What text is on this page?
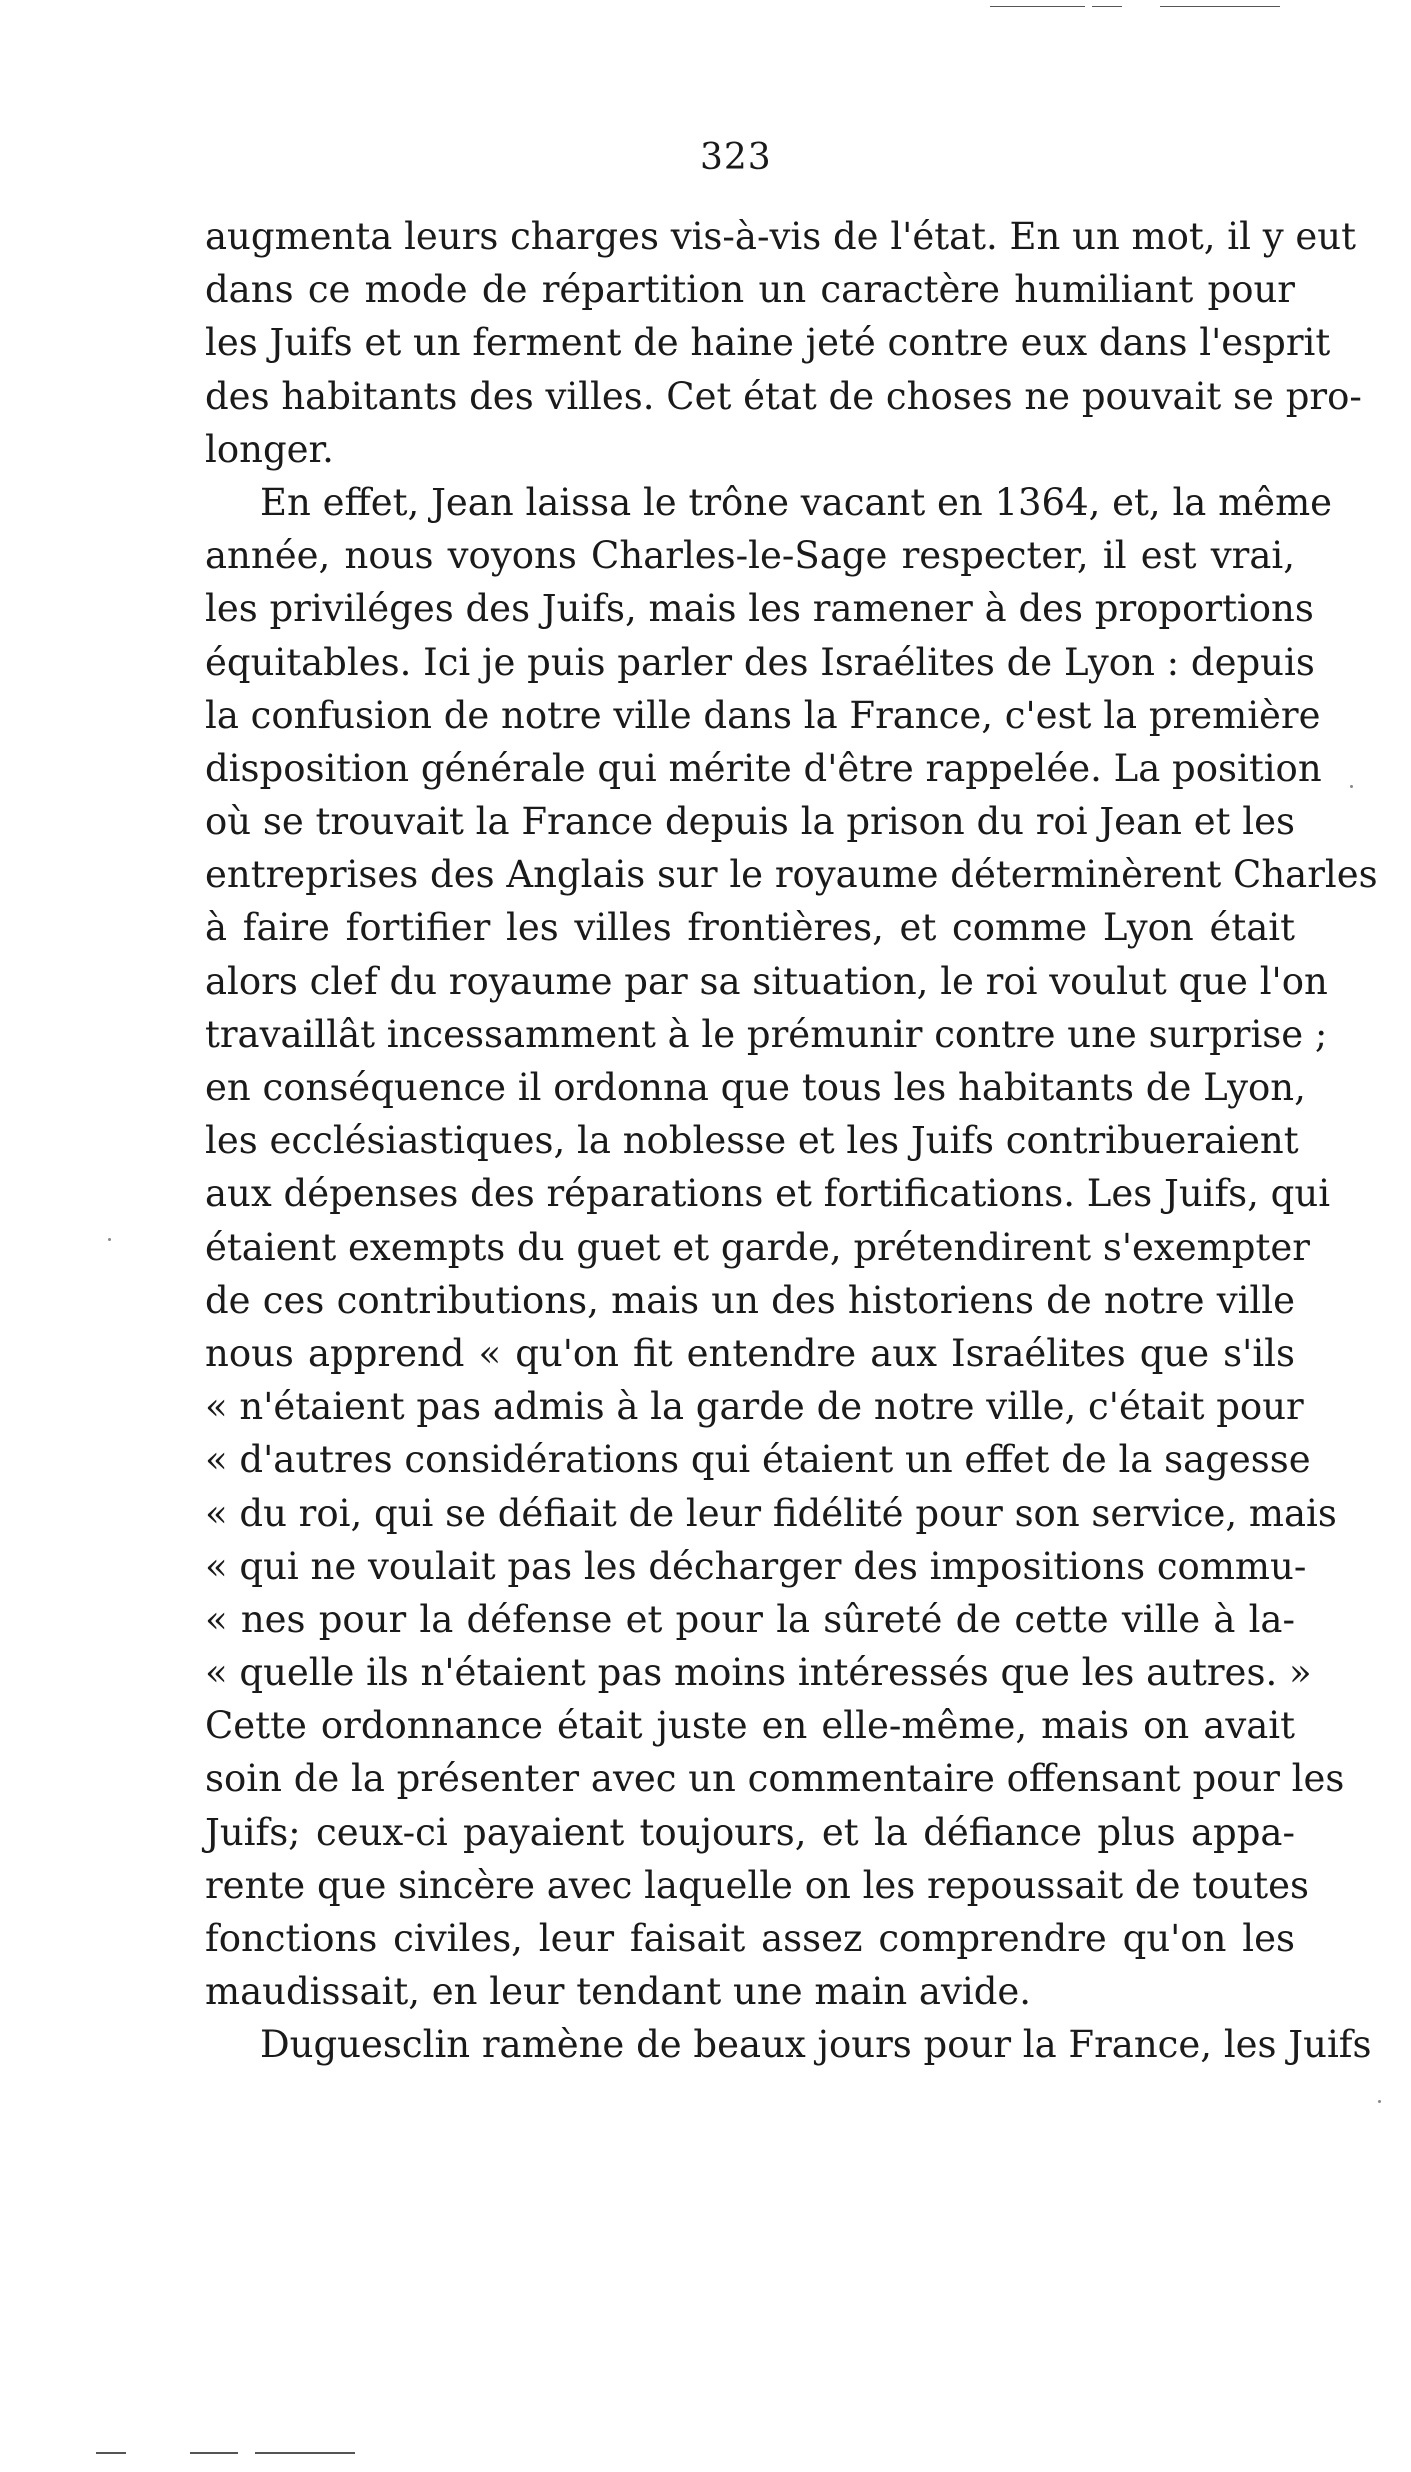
323
augmenta leurs charges vis-à-vis de l'état. En un mot, il y eut
dans ce mode de répartition un caractère humiliant pour
les Juifs et un ferment de haine jeté contre eux dans l'esprit
des habitants des villes. Cet état de choses ne pouvait se pro-
longer.
En effet, Jean laissa le trône vacant en 1364, et, la même
année, nous voyons Charles-le-Sage respecter, il est vrai,
les priviléges des Juifs, mais les ramener à des proportions
équitables. Ici je puis parler des Israélites de Lyon : depuis
la confusion de notre ville dans la France, c'est la première
disposition générale qui mérite d'être rappelée. La position
où se trouvait la France depuis la prison du roi Jean et les
entreprises des Anglais sur le royaume déterminèrent Charles
à faire fortifier les villes frontières, et comme Lyon était
alors clef du royaume par sa situation, le roi voulut que l'on
travaillât incessamment à le prémunir contre une surprise ;
en conséquence il ordonna que tous les habitants de Lyon,
les ecclésiastiques, la noblesse et les Juifs contribueraient
aux dépenses des réparations et fortifications. Les Juifs, qui
étaient exempts du guet et garde, prétendirent s'exempter
de ces contributions, mais un des historiens de notre ville
nous apprend « qu'on fit entendre aux Israélites que s'ils
« n'étaient pas admis à la garde de notre ville, c'était pour
« d'autres considérations qui étaient un effet de la sagesse
« du roi, qui se défiait de leur fidélité pour son service, mais
« qui ne voulait pas les décharger des impositions commu-
« nes pour la défense et pour la sûreté de cette ville à la-
« quelle ils n'étaient pas moins intéressés que les autres. »
Cette ordonnance était juste en elle-même, mais on avait
soin de la présenter avec un commentaire offensant pour les
Juifs; ceux-ci payaient toujours, et la défiance plus appa-
rente que sincère avec laquelle on les repoussait de toutes
fonctions civiles, leur faisait assez comprendre qu'on les
maudissait, en leur tendant une main avide.
Duguesclin ramène de beaux jours pour la France, les Juifs
